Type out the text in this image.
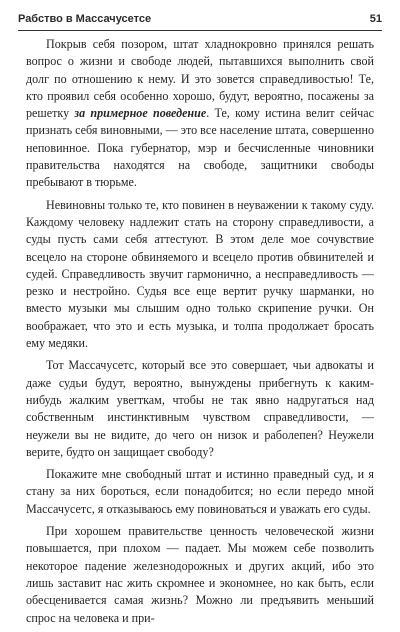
Рабство в Массачусетсе	51

Покрыв себя позором, штат хладнокровно принялся решать вопрос о жизни и свободе людей, пытавшихся выполнить свой долг по отношению к нему. И это зовется справедливостью! Те, кто проявил себя особенно хорошо, будут, вероятно, посажены за решетку за примерное поведение. Те, кому истина велит сейчас признать себя виновными, — это все население штата, совершенно неповинное. Пока губернатор, мэр и бесчисленные чиновники правительства находятся на свободе, защитники свободы пребывают в тюрьме.

Невиновны только те, кто повинен в неуважении к такому суду. Каждому человеку надлежит стать на сторону справедливости, а суды пусть сами себя аттестуют. В этом деле мое сочувствие всецело на стороне обвиняемого и всецело против обвинителей и судей. Справедливость звучит гармонично, а несправедливость — резко и нестройно. Судья все еще вертит ручку шарманки, но вместо музыки мы слышим одно только скрипение ручки. Он воображает, что это и есть музыка, и толпа продолжает бросать ему медяки.

Тот Массачусетс, который все это совершает, чьи адвокаты и даже судьи будут, вероятно, вынуждены прибегнуть к каким-нибудь жалким увerткам, чтобы не так явно надругаться над собственным инстинктивным чувством справедливости, — неужели вы не видите, до чего он низок и раболепен? Неужели верите, будто он защищает свободу?

Покажите мне свободный штат и истинно праведный суд, и я стану за них бороться, если понадобится; но если передо мной Массачусетс, я отказываюсь ему повиноваться и уважать его суды.

При хорошем правительстве ценность человеческой жизни повышается, при плохом — падает. Мы можем себе позволить некоторое падение железнодорожных и других акций, ибо это лишь заставит нас жить скромнее и экономнее, но как быть, если обесценивается самая жизнь? Можно ли предъявить меньший спрос на человека и при-
